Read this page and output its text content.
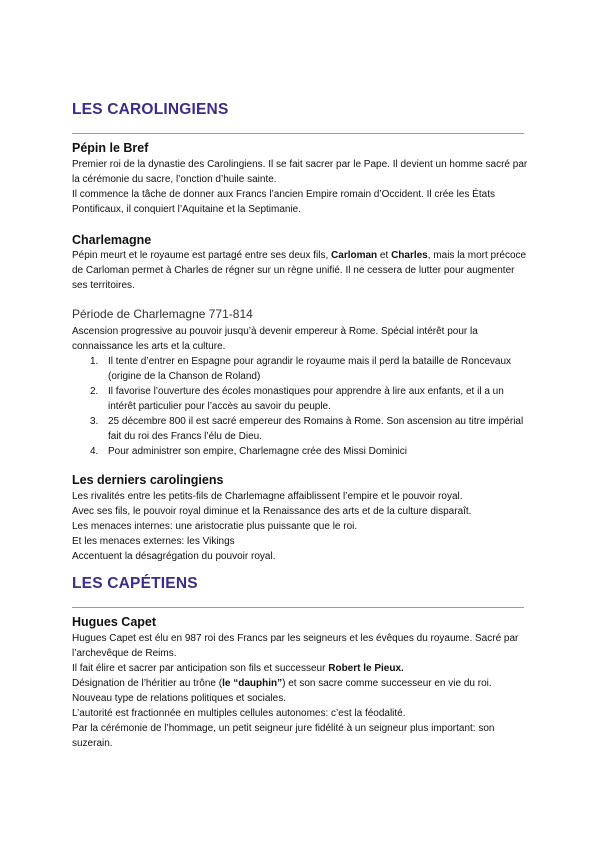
LES CAROLINGIENS
Pépin le Bref

Premier roi de la dynastie des Carolingiens. Il se fait sacrer par le Pape. Il devient un homme sacré par la cérémonie du sacre, l’onction d’huile sainte.

Il commence la tâche de donner aux Francs l’ancien Empire romain d’Occident. Il crée les États Pontificaux, il conquiert l’Aquitaine et la Septimanie.

Charlemagne

Pépin meurt et le royaume est partagé entre ses deux fils, Carloman et Charles, mais la mort précoce de Carloman permet à Charles de régner sur un règne unifié. Il ne cessera de lutter pour augmenter ses territoires.

Période de Charlemagne 771-814

Ascension progressive au pouvoir jusqu’à devenir empereur à Rome. Spécial intérêt pour la connaissance les arts et la culture.

1. Il tente d’entrer en Espagne pour agrandir le royaume mais il perd la bataille de Roncevaux (origine de la Chanson de Roland)
2. Il favorise l’ouverture des écoles monastiques pour apprendre à lire aux enfants, et il a un intérêt particulier pour l’accès au savoir du peuple.
3. 25 décembre 800 il est sacré empereur des Romains à Rome. Son ascension au titre impérial fait du roi des Francs l’élu de Dieu.
4. Pour administrer son empire, Charlemagne crée des Missi Dominici
Les derniers carolingiens

Les rivalités entre les petits-fils de Charlemagne affaiblissent l’empire et le pouvoir royal.

Avec ses fils, le pouvoir royal diminue et la Renaissance des arts et de la culture disparaît.

Les menaces internes: une aristocratie plus puissante que le roi.

Et les menaces externes: les Vikings

Accentuent la désagrégation du pouvoir royal.

LES CAPÉTIENS
Hugues Capet

Hugues Capet est élu en 987 roi des Francs par les seigneurs et les évêques du royaume. Sacré par l’archevêque de Reims.

Il fait élire et sacrer par anticipation son fils et successeur Robert le Pieux.

Désignation de l’héritier au trône (le “dauphin”) et son sacre comme successeur en vie du roi.

Nouveau type de relations politiques et sociales.

L’autorité est fractionnée en multiples cellules autonomes: c’est la féodalité.

Par la cérémonie de l’hommage, un petit seigneur jure fidélité à un seigneur plus important: son suzerain.
